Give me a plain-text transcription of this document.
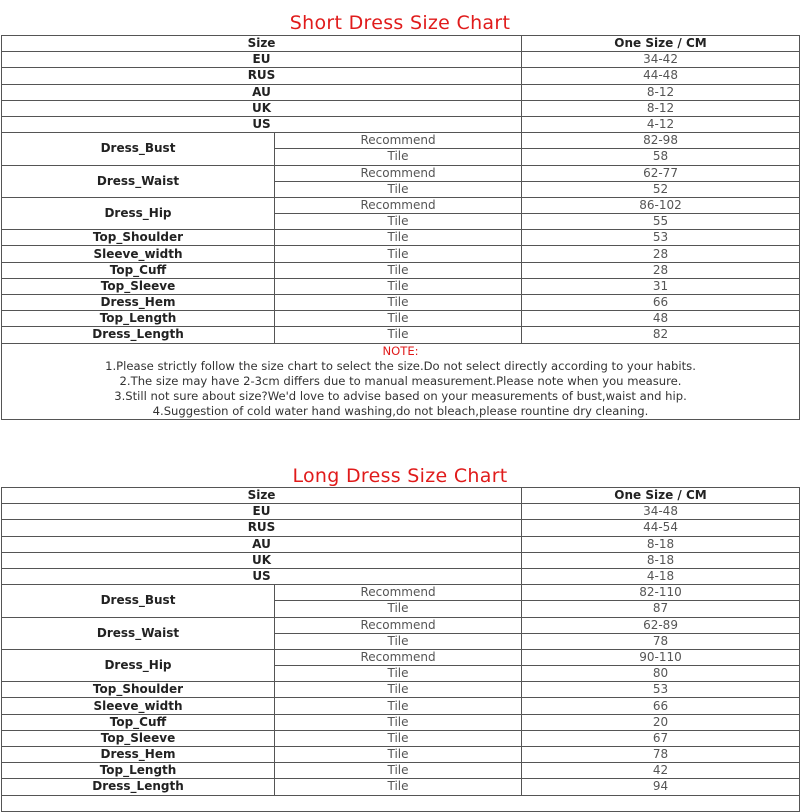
Short Dress Size Chart
Size		One Size / CM
EU		34-42
RUS		44-48
AU		8-12
UK		8-12
US		4-12
Dress_Bust	Recommend	82-98
	Tile	58
Dress_Waist	Recommend	62-77
	Tile	52
Dress_Hip	Recommend	86-102
	Tile	55
Top_Shoulder	Tile	53
Sleeve_width	Tile	28
Top_Cuff	Tile	28
Top_Sleeve	Tile	31
Dress_Hem	Tile	66
Top_Length	Tile	48
Dress_Length	Tile	82

NOTE:
1.Please strictly follow the size chart to select the size.Do not select directly according to your habits.
2.The size may have 2-3cm differs due to manual measurement.Please note when you measure.
3.Still not sure about size?We'd love to advise based on your measurements of bust,waist and hip.
4.Suggestion of cold water hand washing,do not bleach,please rountine dry cleaning.		
Long Dress Size Chart
Size		One Size / CM
EU		34-48
RUS		44-54
AU		8-18
UK		8-18
US		4-18
Dress_Bust	Recommend	82-110
	Tile	87
Dress_Waist	Recommend	62-89
	Tile	78
Dress_Hip	Recommend	90-110
	Tile	80
Top_Shoulder	Tile	53
Sleeve_width	Tile	66
Top_Cuff	Tile	20
Top_Sleeve	Tile	67
Dress_Hem	Tile	78
Top_Length	Tile	42
Dress_Length	Tile	94
